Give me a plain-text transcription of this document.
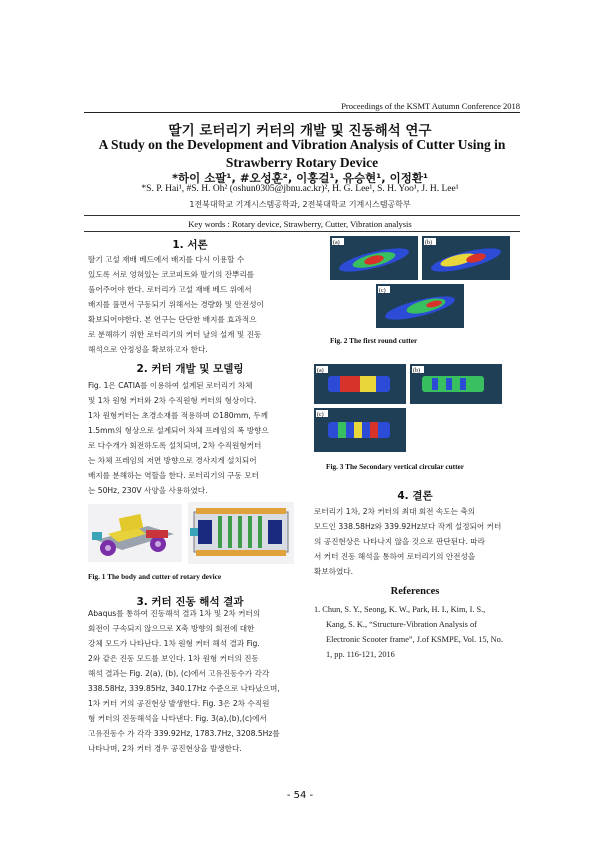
Proceedings of the KSMT Autumn Conference 2018
딸기 로터리기 커터의 개발 및 진동해석 연구
A Study on the Development and Vibration Analysis of Cutter Using in
Strawberry Rotary Device
*하이 소팔¹, #오성훈², 이홍걸¹, 유승현¹, 이정환¹
*S. P. Hai¹, #S. H. Oh² (oshun0305@jbnu.ac.kr)², H. G. Lee¹, S. H. Yoo¹, J. H. Lee¹
1전북대학교 기계시스템공학과, 2전북대학교 기계시스템공학부
Key words : Rotary device, Strawberry, Cutter, Vibration analysis
1. 서론
딸기 고설 재배 베드에서 배지를 다시 이용할 수
있도록 서로 엉혀있는 코코피트와 딸기의 잔뿌리를
풀어주어야 한다. 로터리가 고설 재배 베드 위에서
배지를 풀면서 구동되기 위해서는 경량화 및 안전성이
확보되어야한다. 본 연구는 단단한 배지를 효과적으
로 분해하기 위한 로터리기의 커터 날의 설계 및 진동
해석으로 안정성을 확보하고자 한다.
2. 커터 개발 및 모델링
Fig. 1은 CATIA를 이용하여 설계된 로터리기 차체
및 1차 원형 커터와 2차 수직원형 커터의 형상이다.
1차 원형커터는 초경소재를 적용하며 ∅180mm, 두께
1.5mm의 형상으로 설계되어 차체 프레임의 폭 방향으
로 다수개가 회전하도록 설치되며, 2차 수직원형커터
는 차체 프레임의 저면 방향으로 경사지게 설치되어
배지를 분해하는 역할을 한다. 로터리기의 구동 모터
는 50Hz, 230V 사양을 사용하였다.
Fig. 1 The body and cutter of rotary device
3. 커터 진동 해석 결과
Abaqus를 통하여 진동해석 결과 1차 및 2차 커터의
회전이 구속되지 않으므로 X축 방향의 회전에 대한
강체 모드가 나타난다. 1차 원형 커터 해석 결과 Fig.
2와 같은 진동 모드를 보인다. 1차 원형 커터의 진동
해석 결과는 Fig. 2(a), (b), (c)에서 고유진동수가 각각
338.58Hz, 339.85Hz, 340.17Hz 수준으로 나타났으며,
1차 커터 거의 공진현상 발생한다. Fig. 3은 2차 수직원
형 커터의 진동해석을 나타낸다. Fig. 3(a),(b),(c)에서
고유진동수 가 각각 339.92Hz, 1783.7Hz, 3208.5Hz를
나타나며, 2차 커터 경우 공진현상을 발생한다.
(a)	(b)
(c)
Fig. 2 The first round cutter
(a)	(b)
(c)
Fig. 3 The Secondary vertical circular cutter
4. 결론
로터리기 1차, 2차 커터의 최대 회전 속도는 축의
모드인 338.58Hz와 339.92Hz보다 작게 설정되어 커터
의 공진현상은 나타나지 않을 것으로 판단된다. 따라
서 커터 진동 해석을 통하여 로터리기의 안전성을
확보하였다.
References
1. Chun, S. Y., Seong, K. W., Park, H. I., Kim, I. S.,
Kang, S. K., “Structure-Vibration Analysis of
Electronic Scooter frame”, J.of KSMPE, Vol. 15, No.
1, pp. 116-121, 2016
- 54 -
